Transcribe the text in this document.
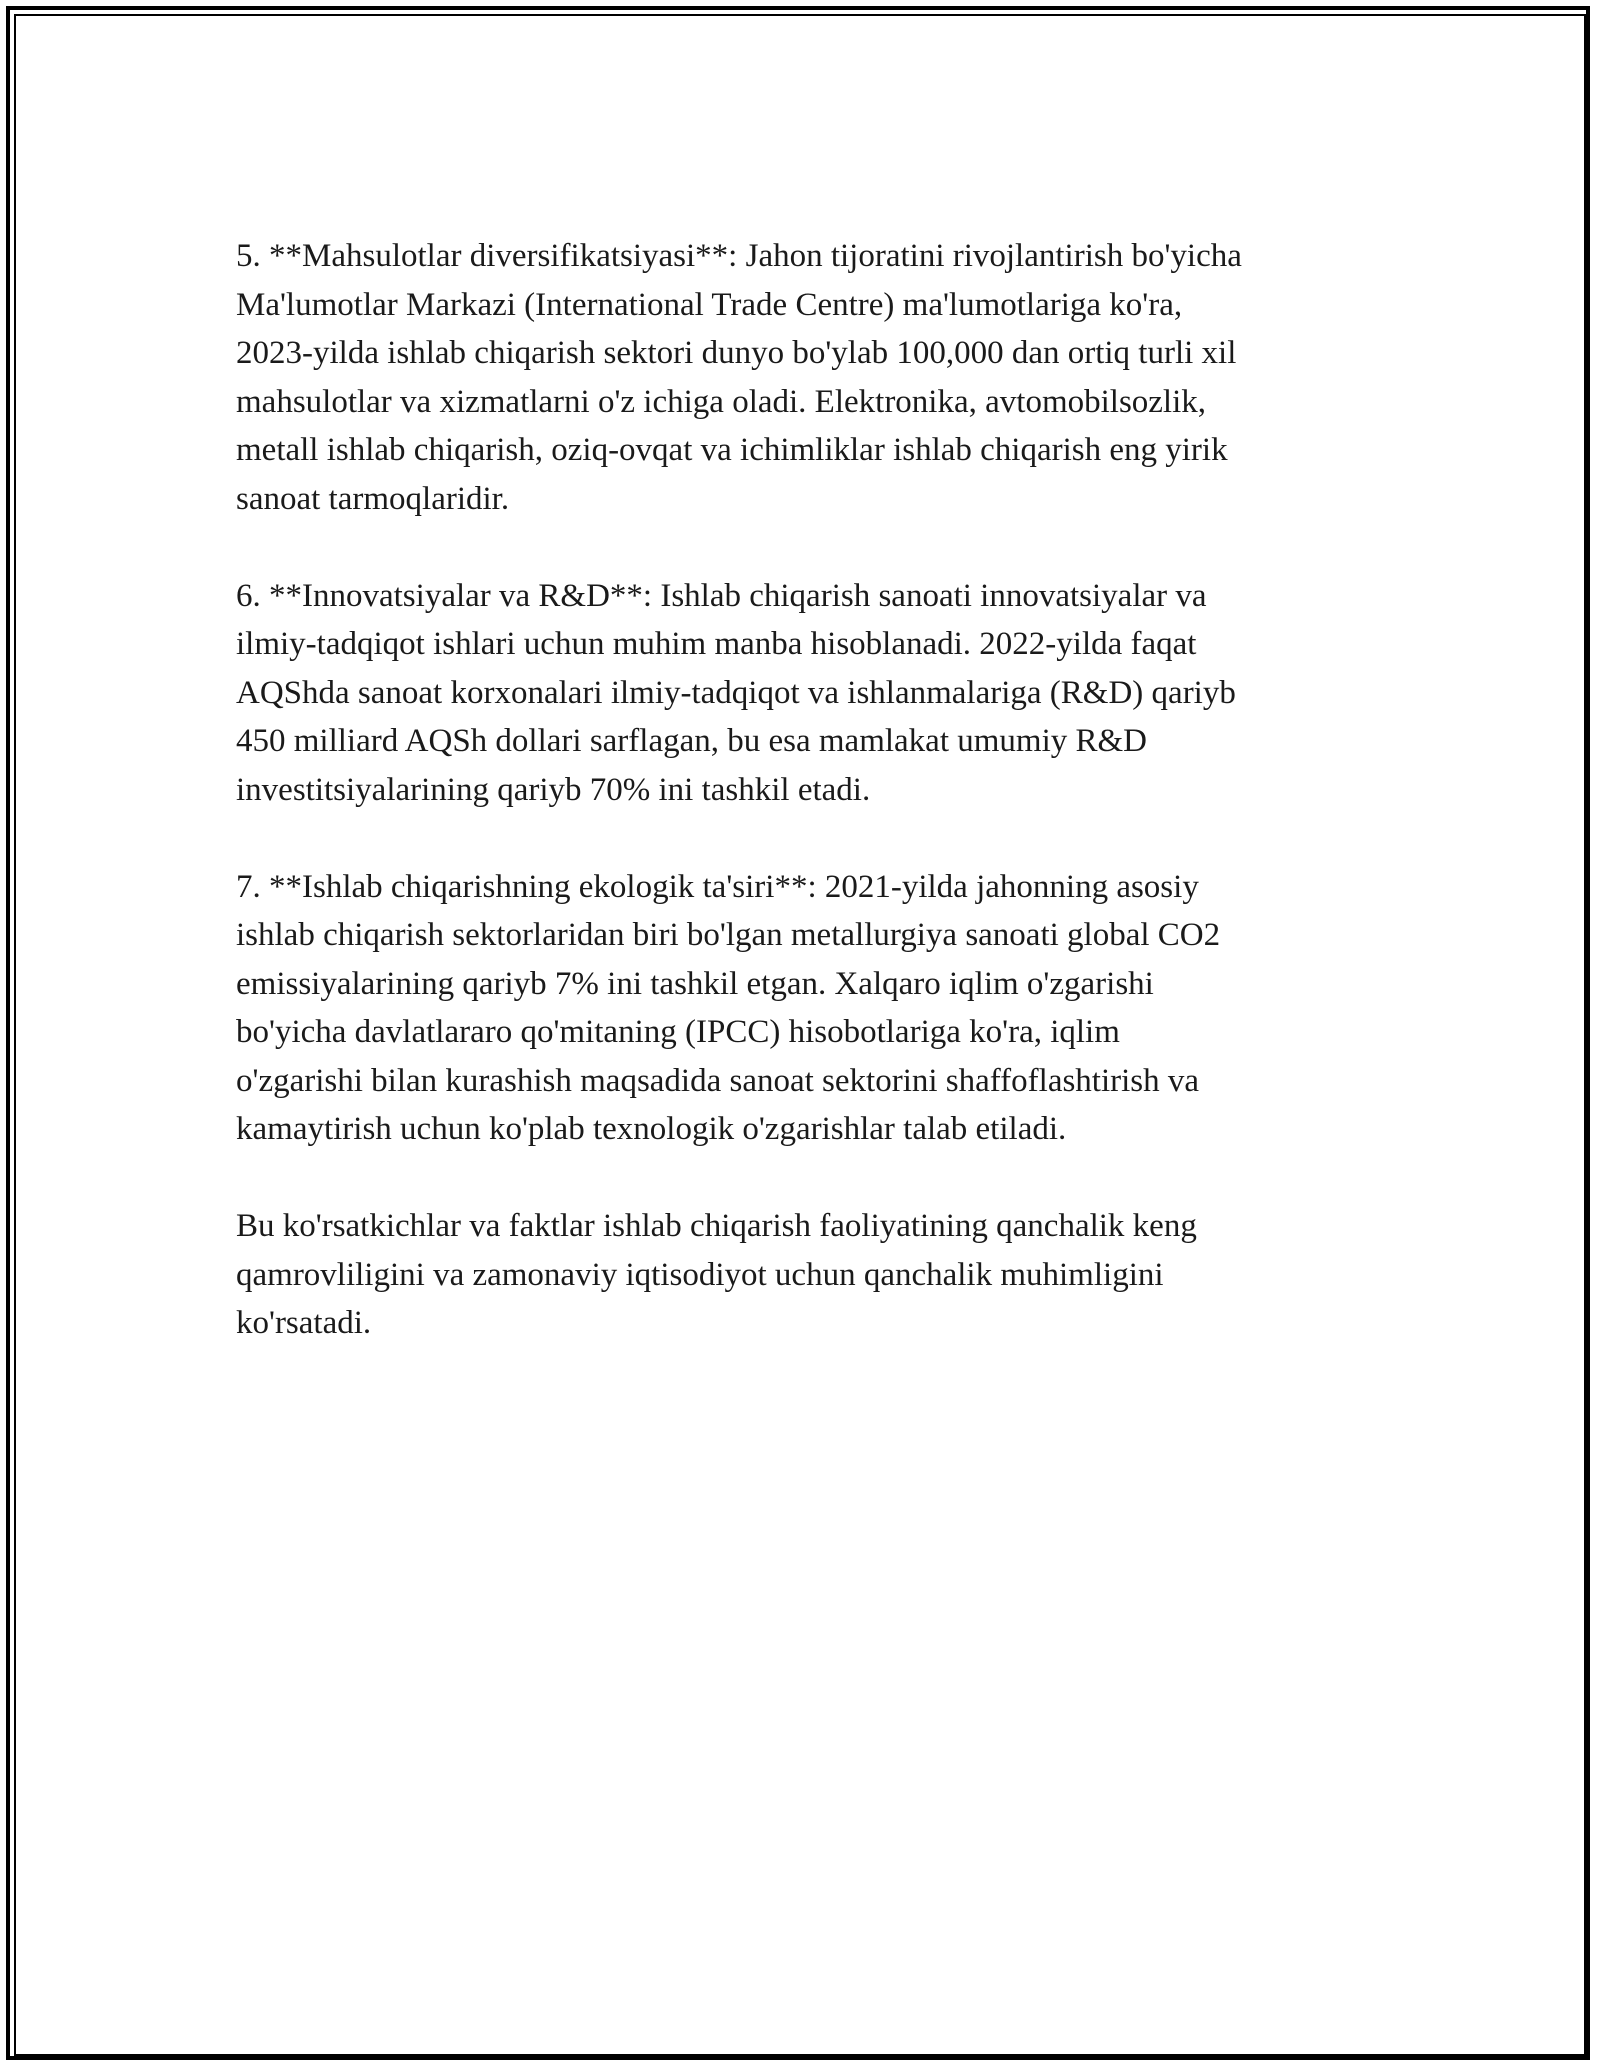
5. **Mahsulotlar diversifikatsiyasi**: Jahon tijoratini rivojlantirish bo'yicha
Ma'lumotlar Markazi (International Trade Centre) ma'lumotlariga ko'ra,
2023-yilda ishlab chiqarish sektori dunyo bo'ylab 100,000 dan ortiq turli xil
mahsulotlar va xizmatlarni o'z ichiga oladi. Elektronika, avtomobilsozlik,
metall ishlab chiqarish, oziq-ovqat va ichimliklar ishlab chiqarish eng yirik
sanoat tarmoqlaridir.

6. **Innovatsiyalar va R&D**: Ishlab chiqarish sanoati innovatsiyalar va
ilmiy-tadqiqot ishlari uchun muhim manba hisoblanadi. 2022-yilda faqat
AQShda sanoat korxonalari ilmiy-tadqiqot va ishlanmalariga (R&D) qariyb
450 milliard AQSh dollari sarflagan, bu esa mamlakat umumiy R&D
investitsiyalarining qariyb 70% ini tashkil etadi.

7. **Ishlab chiqarishning ekologik ta'siri**: 2021-yilda jahonning asosiy
ishlab chiqarish sektorlaridan biri bo'lgan metallurgiya sanoati global CO2
emissiyalarining qariyb 7% ini tashkil etgan. Xalqaro iqlim o'zgarishi
bo'yicha davlatlararo qo'mitaning (IPCC) hisobotlariga ko'ra, iqlim
o'zgarishi bilan kurashish maqsadida sanoat sektorini shaffoflashtirish va
kamaytirish uchun ko'plab texnologik o'zgarishlar talab etiladi.

Bu ko'rsatkichlar va faktlar ishlab chiqarish faoliyatining qanchalik keng
qamrovliligini va zamonaviy iqtisodiyot uchun qanchalik muhimligini
ko'rsatadi.
